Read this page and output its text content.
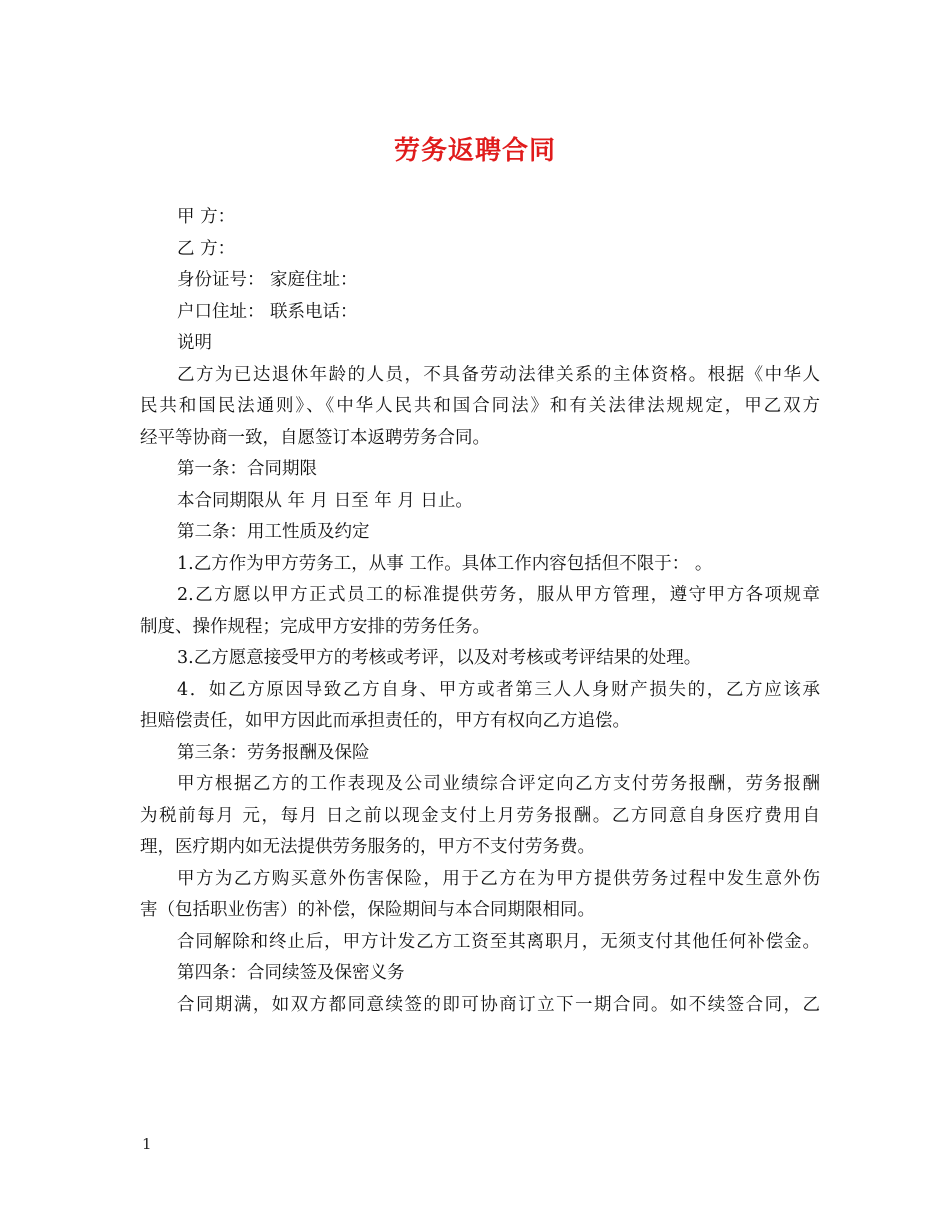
劳务返聘合同
甲 方：
乙 方：
身份证号： 家庭住址：
户口住址： 联系电话：
说明
乙方为已达退休年龄的人员，不具备劳动法律关系的主体资格。根据《中华人
民共和国民法通则》、《中华人民共和国合同法》和有关法律法规规定，甲乙双方
经平等协商一致，自愿签订本返聘劳务合同。
第一条：合同期限
本合同期限从 年 月 日至 年 月 日止。
第二条：用工性质及约定
1.乙方作为甲方劳务工，从事 工作。具体工作内容包括但不限于： 。
2.乙方愿以甲方正式员工的标准提供劳务，服从甲方管理，遵守甲方各项规章
制度、操作规程；完成甲方安排的劳务任务。
3.乙方愿意接受甲方的考核或考评，以及对考核或考评结果的处理。
4．如乙方原因导致乙方自身、甲方或者第三人人身财产损失的，乙方应该承
担赔偿责任，如甲方因此而承担责任的，甲方有权向乙方追偿。
第三条：劳务报酬及保险
甲方根据乙方的工作表现及公司业绩综合评定向乙方支付劳务报酬，劳务报酬
为税前每月 元，每月 日之前以现金支付上月劳务报酬。乙方同意自身医疗费用自
理，医疗期内如无法提供劳务服务的，甲方不支付劳务费。
甲方为乙方购买意外伤害保险，用于乙方在为甲方提供劳务过程中发生意外伤
害（包括职业伤害）的补偿，保险期间与本合同期限相同。
合同解除和终止后，甲方计发乙方工资至其离职月，无须支付其他任何补偿金。
第四条：合同续签及保密义务
合同期满，如双方都同意续签的即可协商订立下一期合同。如不续签合同，乙
1
